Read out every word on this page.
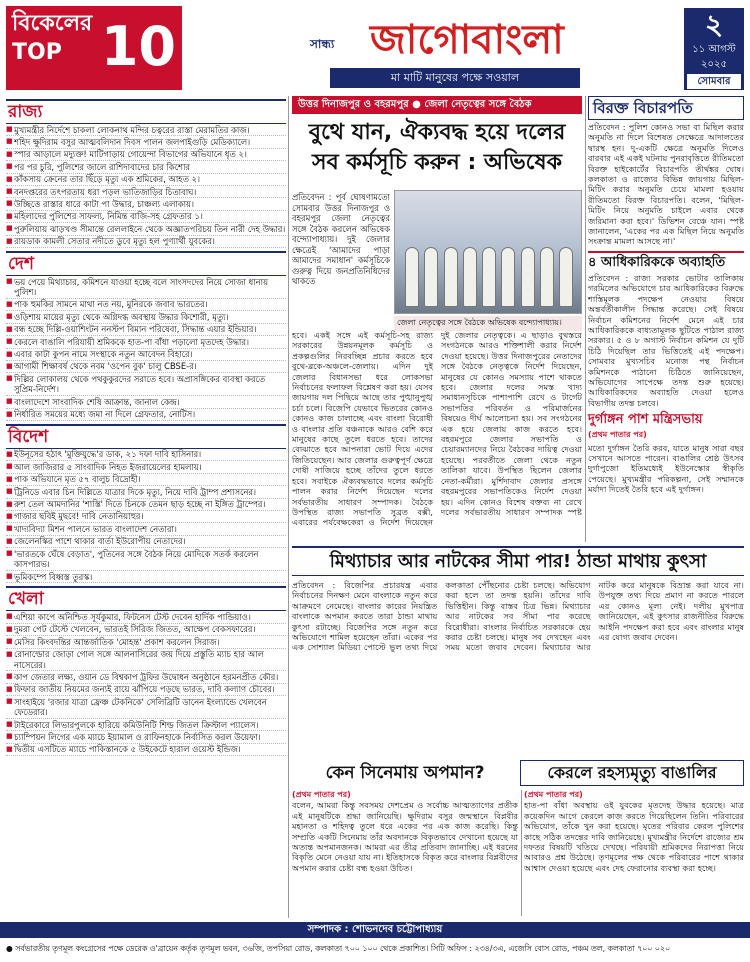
বিকেলের
TOP 10	সান্ধ্য জাগোবাংলা
মা মাটি মানুষের পক্ষে সওয়াল
২
১১ আগস্ট
২০২৫
সোমবার
রাজ্য
■ মুখ্যমন্ত্রীর নির্দেশে চাকলা লোকনাথ মন্দির চত্বরের রাস্তা মেরামতির কাজ।
■ শহিদ ক্ষুদিরাম বসুর আত্মবলিদান দিবস পালন জলপাইগুড়ি মেডিক্যালে।
■ স্পার আড়ালে মদ্যুক্ত! মাটিগাড়ায় গোয়েন্দা বিভাগের অভিযানে ধৃত ২।
■ পর পর চুরি, পুলিশের জালে রাশিদাবাদের চার কিশোর
■ কাঁকসায় ক্রেনের তার ছিঁড়ে মৃত্যু এক শ্রমিকের, আহত ২।
■ বনদপ্তরের তৎপরতায় ধরা পড়ল ভাতিজাড়ির চিতাবাঘ।
■ উচ্ছিত্তে রাস্তার ধারে কাটা পা উদ্ধার, চাঞ্চল্য এলাকায়।
■ মহিলাদের পুলিশের সাফল্য, নিমিন্ত বাজি-সহ গ্রেফতার ১।
■ পুরুলিয়ায় ঝাড়খণ্ড সীমান্তে রেললাইনে থেকে অজ্ঞাতপরিচয় তিন নারী দেহ উদ্ধার।
■ রায়ডাক কামলী সেতার নদীতে ডুবে মৃত্যু হল পুণ্যার্থী যুবকের।
দেশ
■ ভয় পেয়ে মিথ্যাচার, কমিশনে যাওয়া হচ্ছে বলে সাংসদদের নিয়ে সোজা ধানায় পুলিশ।
■ পাক হুমকির সামনে মাথা নত নয়, মুনিরকে জবাব ভারতের।
■ ওড়িশায় মায়ের মৃত্যু থেকে অগ্নিদগ্ধ অবস্থায় উদ্ধার কিশোরী, মৃত্যু।
■ বন্ধ হচ্ছে দিল্লি-ওয়াশিংটন ননস্টপ বিমান পরিষেবা, সিদ্ধান্ত এয়ার ইন্ডিয়ার।
■ কেরলে বাঙালি পরিযায়ী শ্রমিককে হাত-পা বাঁধা পড়ালো মৃতদেহ উদ্ধার।
■ এবার কাটা কুপন নামে সংস্থাকে নতুন আবেদন বিহারে।
■ আগামী শিক্ষাবর্ষ থেকে নবম 'ওপেন বুক' চালু CBSE-র।
■ দিল্লির লোকালয় থেকে পথকুকুরদের সরাতে হবে। অপ্রাসঙ্গিকের ব্যবস্থা করতে সুপ্রিম-নির্দেশ।
■ বাংলাদেশে সাংবাদিক শেষি আক্রান্ত, জানাল কেন্দ্র।
■ নির্ধারিত সময়ের মধ্যে জমা না দিলে গ্রেফতার, নোটিস।
বিদেশ
■ ইউনূসের হঠাৎ 'মুক্তিযুদ্ধে'র ডাক, ২১ দফা দাবি হাসিনার।
■ আল জাজিরার ৫ সাংবাদিক নিহত ইজরায়েলের হামলায়।
■ পাক অভিযানে মৃত ৫৭ বালুচ বিদ্রোহী।
■ ট্রিনিডে এবার চিন দিল্লিতে যাত্রার দিকে মৃত্যু, নিয়ে দাবি ট্রাম্প প্রশাসনের।
■ রুশ তেল আমদানির 'শাস্তি' দিতে চিনকে তেমন ছাড় হচ্ছে না ইঙ্গিত ট্রাম্পের।
■ গাজার ছবিই মুছবে! দাবি নেতানিয়াহুর।
■ খাদ্যবিদ্যা মিশন পালনে ভারত বাংলাদেশ নেতারা।
■ জেলেনস্কির পাশে থাকার বার্তা ইউরোপীয় নেতাদের।
■ 'ভারতকে ঘেঁষে বেড়াত', পুতিনের সঙ্গে বৈঠক নিয়ে মোদিকে সতর্ক করলেন কাসপারভ।
■ ভূমিকম্পে বিধ্বস্ত তুরস্ক।
খেলা
■ এশিয়া কাপে অনিশ্চিত সূর্যকুমার, ফিটনেস টেস্ট দেবেন হার্দিক পান্ডিয়াও।
■ দুমরা পেট টেস্টে খেলবেন, ভারতই সিরিজ জিতত, আক্ষেপ বেকসফারের।
■ মেসির কিংবদন্তির আন্তর্জাতিক 'মোহন্ত' প্রকাশ করলেন সিরাজ।
■ রোনাল্ডোর জোড়া গোল সঙ্গে আলনাসিরের জয় দিয়ে প্রস্তুতি ম্যাচ হার আল নাসেরের।
■ কাপ জেতার লক্ষ্য, ওয়ান ডে বিশ্বকাপ ট্রফির উদ্বোধন অনুষ্ঠানে হরমনপ্রীত কৌর।
■ ফিফার জাতীয় নিয়মের জন্যই রায়ে ঝাঁপিয়ে পড়ছে ভারত, দাবি কল্যাণ চৌবের।
■ সাংহাইয়ে 'রজার যাত্রা ফ্রেঞ্চ টেকনিকে' সেলিব্রিটি ডানেন ইংল্যান্ডে খেলবেন ফেডেরার।
■ টাইরেকারে লিভারপুলকে হারিয়ে কমিউনিটি শিল্ড জিতল ক্রিস্টাল প্যালেস।
■ চ্যাম্পিয়ন লিগের এক ম্যাচে ইয়ামাল ও রাফিনহাকে নির্বাসিত করল উয়েফা।
■ দ্বিতীয় এসটিতে ম্যাচে পাকিস্তানকে ৫ উইকেটে হারাল ওয়েস্ট ইন্ডিজ।
উত্তর দিনাজপুর ও বহরমপুর ● জেলা নেতৃত্বের সঙ্গে বৈঠক
বুথে যান, ঐক্যবদ্ধ হয়ে দলের সব কর্মসূচি করুন : অভিষেক
প্রতিবেদন : পূর্ব ঘোষণামতো সোমবার উত্তর দিনাজপুর ও বহরমপুর জেলা নেতৃত্বের সঙ্গে বৈঠক করলেন অভিষেক বন্দ্যোপাধ্যায়। দুই জেলার ক্ষেত্রেই 'আমাদের পাড়া আমাদের সমাধান' কর্মসূচিকে গুরুত্ব দিয়ে জনপ্রতিনিধিদের থাকতে
জেলা নেতৃত্বের সঙ্গে বৈঠকে অভিষেক বন্দ্যোপাধ্যায়।
হবে। একই সঙ্গে এই কর্মসূচি-সহ রাজ্য সরকারের উন্নয়নমূলক কর্মসূচি ও প্রকল্পগুলির নিরবচ্ছিন্ন প্রচার করতে হবে বুথে-ব্লকে-অঞ্চলে-জেলায়। এদিন দুই জেলার বিধানসভা ধরে লোকসভা নির্বাচনের ফলাফল বিশ্লেষণ করা হয়। যেসব জায়গায় দল পিছিয়ে আছে তার পুঙ্খানুপুঙ্খ চর্চা চলে। বিজেপি যেভাবে ভিতরের কোনও কোনও কাজ চালাচ্ছে এবং বাংলা বিরোধী ও বাংলার প্রতি বঞ্চনাকে আরও বেশি করে মানুষের কাছে তুলে ধরতে হবে। তাদের বোঝাতে হবে আপনারা ভোট দিয়ে এদের জিতিয়েছেন। আর জেলার গুরুত্বপূর্ণ ক্ষেত্রে দোষী সাজিয়ে হচ্ছে তাঁদের তুলে ধরতে হবে। সবাইকে ঐক্যবদ্ধভাবে দলের কর্মসূচি পালন করার নির্দেশ দিয়েছেন দলের সর্বভারতীয় সাধারণ সম্পাদক। বৈঠকে উপস্থিত রাজ্য সভাপতি সুব্রত বক্সী, এবারের পর্যবেক্ষকেরা ও নির্দেশ দিয়েছেন দুই জেলার নেতৃত্বকে। এ ছাড়াও বুথস্তরে সংগঠনকে আরও শক্তিশালী করার নির্দেশ দেওয়া হয়েছে। উত্তর দিনাজপুরের নেতাদের সঙ্গে বৈঠকে নেতৃত্বকে নির্দেশ দিয়েছেন, মানুষের যে কোনও সমস্যায় পাশে থাকতে হবে। জেলার দলের সমস্ত খাদ্য সমাধানসূচিকে পাশাপাশি রেখে ও টার্গেট সভাপতির পরিবর্তন ও পরিমার্জনের বিষয়েও দীর্ঘ আলোচনা হয়। সব সংগঠনের এক হয়ে জেলায় কাজ করতে হবে। বহরমপুরে জেলার সভাপতি ও চেয়ারম্যানদের নিয়ে বৈঠকের দায়িত্ব দেওয়া হয়েছে। পরবর্তীতে জেলা থেকে নতুন তালিকা যাবে। উপস্থিত ছিলেন জেলার নেতা-কর্মীরা। মুর্শিদাবাদ জেলার প্রসঙ্গে বহরমপুরের সভাপতিকেও নির্দেশ দেওয়া হয়। এদিন কোনও বিশেষ বক্তব্য না রেখে দলের সর্বভারতীয় সাধারণ সম্পাদক স্পষ্ট
বিরক্ত বিচারপতি
প্রতিবেদন : পুলিশ কোনও সভা বা মিছিল করার অনুমতি না দিলে বিশেষত সেক্ষেত্রে আদালতের দ্বারস্থ হন। দু-একটি ক্ষেত্রে অনুমতি দিলেও বারবার এই একই ঘটনায় পুনরাবৃত্তিতে রীতিমতো বিরক্ত হাইকোর্টের বিচারপতি তীর্থঙ্কর ঘোষ। কলকাতা ও রাজ্যের বিভিন্ন জায়গায় মিছিল-মিটিং করার অনুমতি চেয়ে মামলা হওয়ায় রীতিমতো বিরক্ত বিচারপতি। বলেন, 'মিছিল-মিটিং নিয়ে অনুমতি চাইলে এবার থেকে জরিমানা করা হবে।' ডিভিশন বেঞ্চে যান। স্পষ্ট জানালেন, 'একের পর এক মিছিল নিয়ে অনুমতি সংক্রান্ত মামলা আসছে না।'
৪ আধিকারিককে অব্যাহতি
প্রতিবেদন : রাজ্য সরকার ভোটার তালিকায় গরমিলের অভিযোগে চার আধিকারিকের বিরুদ্ধে শাস্তিমূলক পদক্ষেপ নেওয়ার বিষয়ে অন্তর্বর্তীকালীন সিদ্ধান্ত করেছে। সেই বিষয়ে নির্বাচন কমিশনের নির্দেশ মেনে এই চার আধিকারিককে বাধ্যতামূলক ছুটিতে পাঠাল রাজ্য সরকার। ৫ ও ৮ অগাস্ট নির্বাচন কমিশন যে দুটি চিঠি দিয়েছিল তার ভিত্তিতেই এই পদক্ষেপ। সোমবার মুখ্যসচিব মনোজ পন্থ নির্বাচন কমিশনকে পাঠানো চিঠিতে জানিয়েছেন, অভিযোগের সাপেক্ষে তদন্ত শুরু হয়েছে। আধিকারিকদের অব্যাহতি দেওয়া হলেও বিভাগীয় তদন্ত চলবে।
দুর্গাঙ্গন পাশ মন্ত্রিসভায়
(প্রথম পাতার পর)
মতো দুর্গাঙ্গন তৈরি করব, যাতে মানুষ সারা বছর সেখানে আসতে পারেন। বাঙালির শ্রেষ্ঠ উৎসব দুর্গাপুজো ইতিমধ্যেই ইউনেস্কোর স্বীকৃতি পেয়েছে। মুখ্যমন্ত্রীর পরিকল্পনা, সেই সম্মানকে মর্যাদা দিতেই তৈরি হবে এই দুর্গাঙ্গন।
মিথ্যাচার আর নাটকের সীমা পার! ঠান্ডা মাথায় কুৎসা
প্রতিবেদন : বিজেপির প্রচারযন্ত্র এবার নির্বাচনের দিনক্ষণ মেনে বাংলাকে নতুন করে আক্রমণে নেমেছে। বাংলার কারের নিয়ন্ত্রিত বাংলাকে অপমান করতে তারা ঠান্ডা মাথায় কুৎসা রটাচ্ছে। বিজেপির সঙ্গে নতুন করে অভিযোগে শামিল হয়েছেন তাঁরা। একের পর এক সোশ্যাল মিডিয়া পোস্টে ভুল তথ্য দিয়ে কলকাতা পৌঁছনোর চেষ্টা চলছে। অভিযোগ করা হলে তা তদন্ত হয়নি। তাঁদের দাবি ভিত্তিহীন। কিন্তু বাস্তব চিত্র ভিন্ন। মিথ্যাচার আর নাটকের সব সীমা পার করেছে বিরোধীরা। বাংলার নির্বাচিত সরকারকে হেয় করার চেষ্টা চলছে। মানুষ সব দেখছেন এবং সময় মতো জবাব দেবেন। মিথ্যাচার আর নাটক করে মানুষকে বিভ্রান্ত করা যাবে না। উপযুক্ত তথ্য দিয়ে প্রমাণ না করতে পারলে এর কোনও মূল্য নেই। দলীয় মুখপাত্র জানিয়েছেন, এই কুৎসার রাজনীতির বিরুদ্ধে আইনি পদক্ষেপ করা হবে এবং বাংলার মানুষ এর যোগ্য জবাব দেবেন।
কেন সিনেমায় অপমান?	কেরলে রহস্যমৃত্যু বাঙালির
(প্রথম পাতার পর)
বলেন, আমরা কিন্তু সবসময় দেশপ্রেম ও সর্বোচ্চ আত্মত্যাগের প্রতীক এই মানুষটিকে শ্রদ্ধা জানিয়েছি। ক্ষুদিরাম বসুর জন্মস্থানে বিপ্লবীর মহানতা ও শহিদত্ব তুলে ধরে একের পর এক কাজ করেছি। কিন্তু সম্প্রতি একটি সিনেমায় তাঁর অবদানকে বিকৃতভাবে দেখানো হয়েছে যা অত্যন্ত অপমানজনক। আমরা এর তীব্র প্রতিবাদ জানাচ্ছি। এই ধরনের বিকৃতি মেনে নেওয়া যায় না। ইতিহাসকে বিকৃত করে বাংলার বিপ্লবীদের অপমান করার চেষ্টা বন্ধ হওয়া উচিত।
(প্রথম পাতার পর)
হাত-পা বাঁধা অবস্থায় ওই যুবকের মৃতদেহ উদ্ধার হয়েছে। মাত্র কয়েকদিন আগে কেরলে কাজ করতে গিয়েছিলেন তিনি। পরিবারের অভিযোগ, তাঁকে খুন করা হয়েছে। মৃতের পরিবার কেরল পুলিশের কাছে সঠিক তদন্তের দাবি জানিয়েছে। মুখ্যমন্ত্রীর নির্দেশে রাজ্যের শ্রম দফতর বিষয়টি খতিয়ে দেখছে। পরিযায়ী শ্রমিকদের নিরাপত্তা নিয়ে আবারও প্রশ্ন উঠেছে। তৃণমূলের পক্ষ থেকে পরিবারের পাশে থাকার আশ্বাস দেওয়া হয়েছে এবং দেহ ফেরানোর ব্যবস্থা করা হচ্ছে।
সম্পাদক : শোভনদেব চট্টোপাধ্যায়
● সর্বভারতীয় তৃণমূল কংগ্রেসের পক্ষে ডেরেক ও'ব্রায়েন কর্তৃক তৃণমূল ভবন, ৩৬জি, তপসিয়া রোড, কলকাতা ৭০০ ১০০ থেকে প্রকাশিত। সিটি অফিস : ২৩৪/৩এ, এজেসি বোস রোড, পঞ্চম তল, কলকাতা ৭০০ ০২০
